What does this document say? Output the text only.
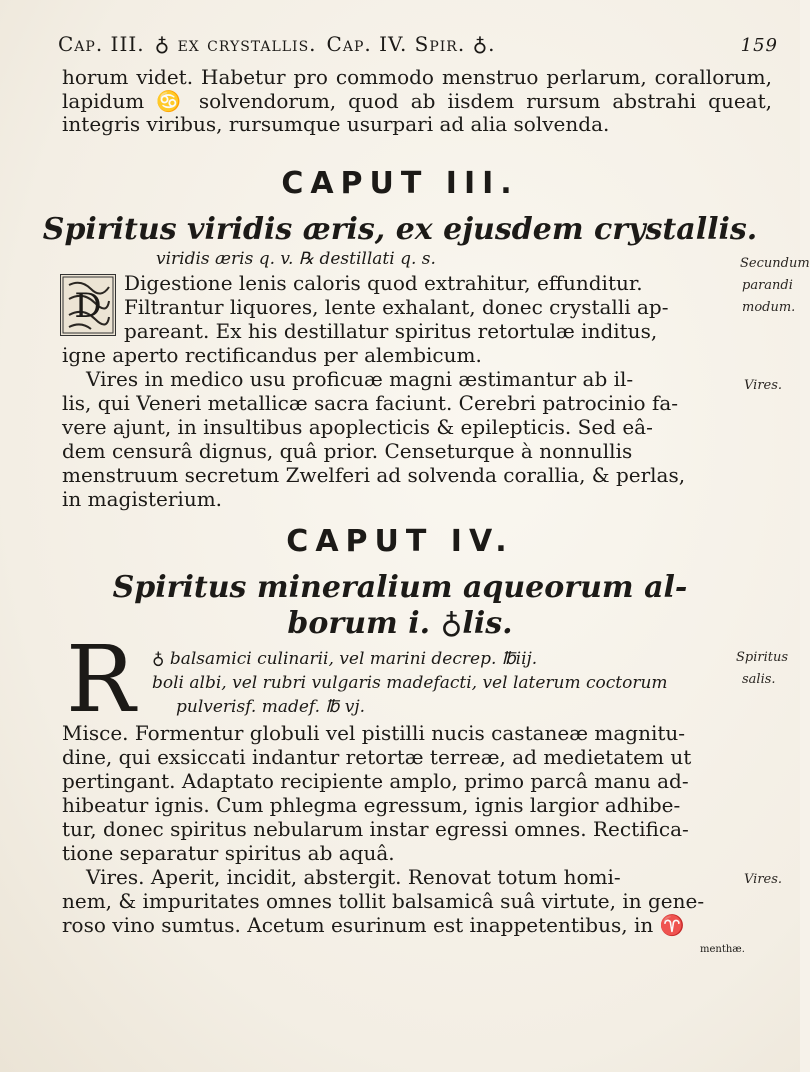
Cap. III. ♁ ex crystallis. Cap. IV. Spir. ♁.	159

horum videt. Habetur pro commodo menstruo perlarum, corallorum, lapidum ♋ solvendorum, quod ab iisdem rursum abstrahi queat, integris viribus, rursumque usurpari ad alia solvenda.

CAPUT III.
Spiritus viridis æris, ex ejusdem crystallis.
D
viridis æris q. v. ℞ destillati q. s.
Digestione lenis caloris quod extrahitur, effunditur.
Filtrantur liquores, lente exhalant, donec crystalli ap-
pareant. Ex his destillatur spiritus retortulæ inditus,
igne aperto rectificandus per alembicum.
Vires in medico usu proficuæ magni æstimantur ab il-
lis, qui Veneri metallicæ sacra faciunt. Cerebri patrocinio fa-
vere ajunt, in insultibus apoplecticis & epilepticis. Sed eâ-
dem censurâ dignus, quâ prior. Censeturque à nonnullis
menstruum secretum Zwelferi ad solvenda corallia, & perlas,
in magisterium.
Secundum
parandi
modum.
Vires.
CAPUT IV.
Spiritus mineralium aqueorum al-
borum i. ♁lis.
R ♁ balsamici culinarii, vel marini decrep. ℔iij.
boli albi, vel rubri vulgaris madefacti, vel laterum coctorum
pulverisf. madef. ℔ vj.
Spiritus
salis.
Misce. Formentur globuli vel pistilli nucis castaneæ magnitu-
dine, qui exsiccati indantur retortæ terreæ, ad medietatem ut
pertingant. Adaptato recipiente amplo, primo parcâ manu ad-
hibeatur ignis. Cum phlegma egressum, ignis largior adhibe-
tur, donec spiritus nebularum instar egressi omnes. Rectifica-
tione separatur spiritus ab aquâ.
Vires. Aperit, incidit, abstergit. Renovat totum homi-
nem, & impuritates omnes tollit balsamicâ suâ virtute, in gene-
roso vino sumtus. Acetum esurinum est inappetentibus, in ♈
menthæ.
Vires.
